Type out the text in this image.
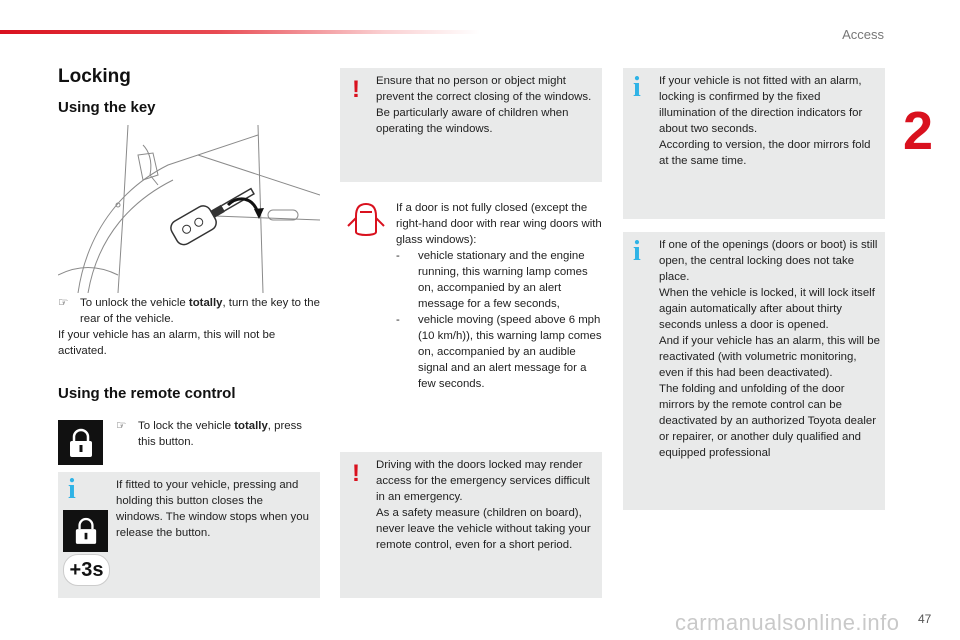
Access
2
Locking
Using the key
☞	To unlock the vehicle totally, turn the key to the rear of the vehicle.

If your vehicle has an alarm, this will not be activated.

Using the remote control
☞	To lock the vehicle totally, press this button.
i	If fitted to your vehicle, pressing and holding this button closes the windows. The window stops when you release the button.
+3s
! Ensure that no person or object might prevent the correct closing of the windows.

Be particularly aware of children when operating the windows.

If a door is not fully closed (except the right-hand door with rear wing doors with glass windows):

-	vehicle stationary and the engine running, this warning lamp comes on, accompanied by an alert message for a few seconds,
-	vehicle moving (speed above 6 mph (10 km/h)), this warning lamp comes on, accompanied by an audible signal and an alert message for a few seconds.
! Driving with the doors locked may render access for the emergency services difficult in an emergency.

As a safety measure (children on board), never leave the vehicle without taking your remote control, even for a short period.

i If your vehicle is not fitted with an alarm, locking is confirmed by the fixed illumination of the direction indicators for about two seconds.

According to version, the door mirrors fold at the same time.

i If one of the openings (doors or boot) is still open, the central locking does not take place.

When the vehicle is locked, it will lock itself again automatically after about thirty seconds unless a door is opened.

And if your vehicle has an alarm, this will be reactivated (with volumetric monitoring, even if this had been deactivated).

The folding and unfolding of the door mirrors by the remote control can be deactivated by an authorized Toyota dealer or repairer, or another duly qualified and equipped professional

carmanualsonline.info 47
